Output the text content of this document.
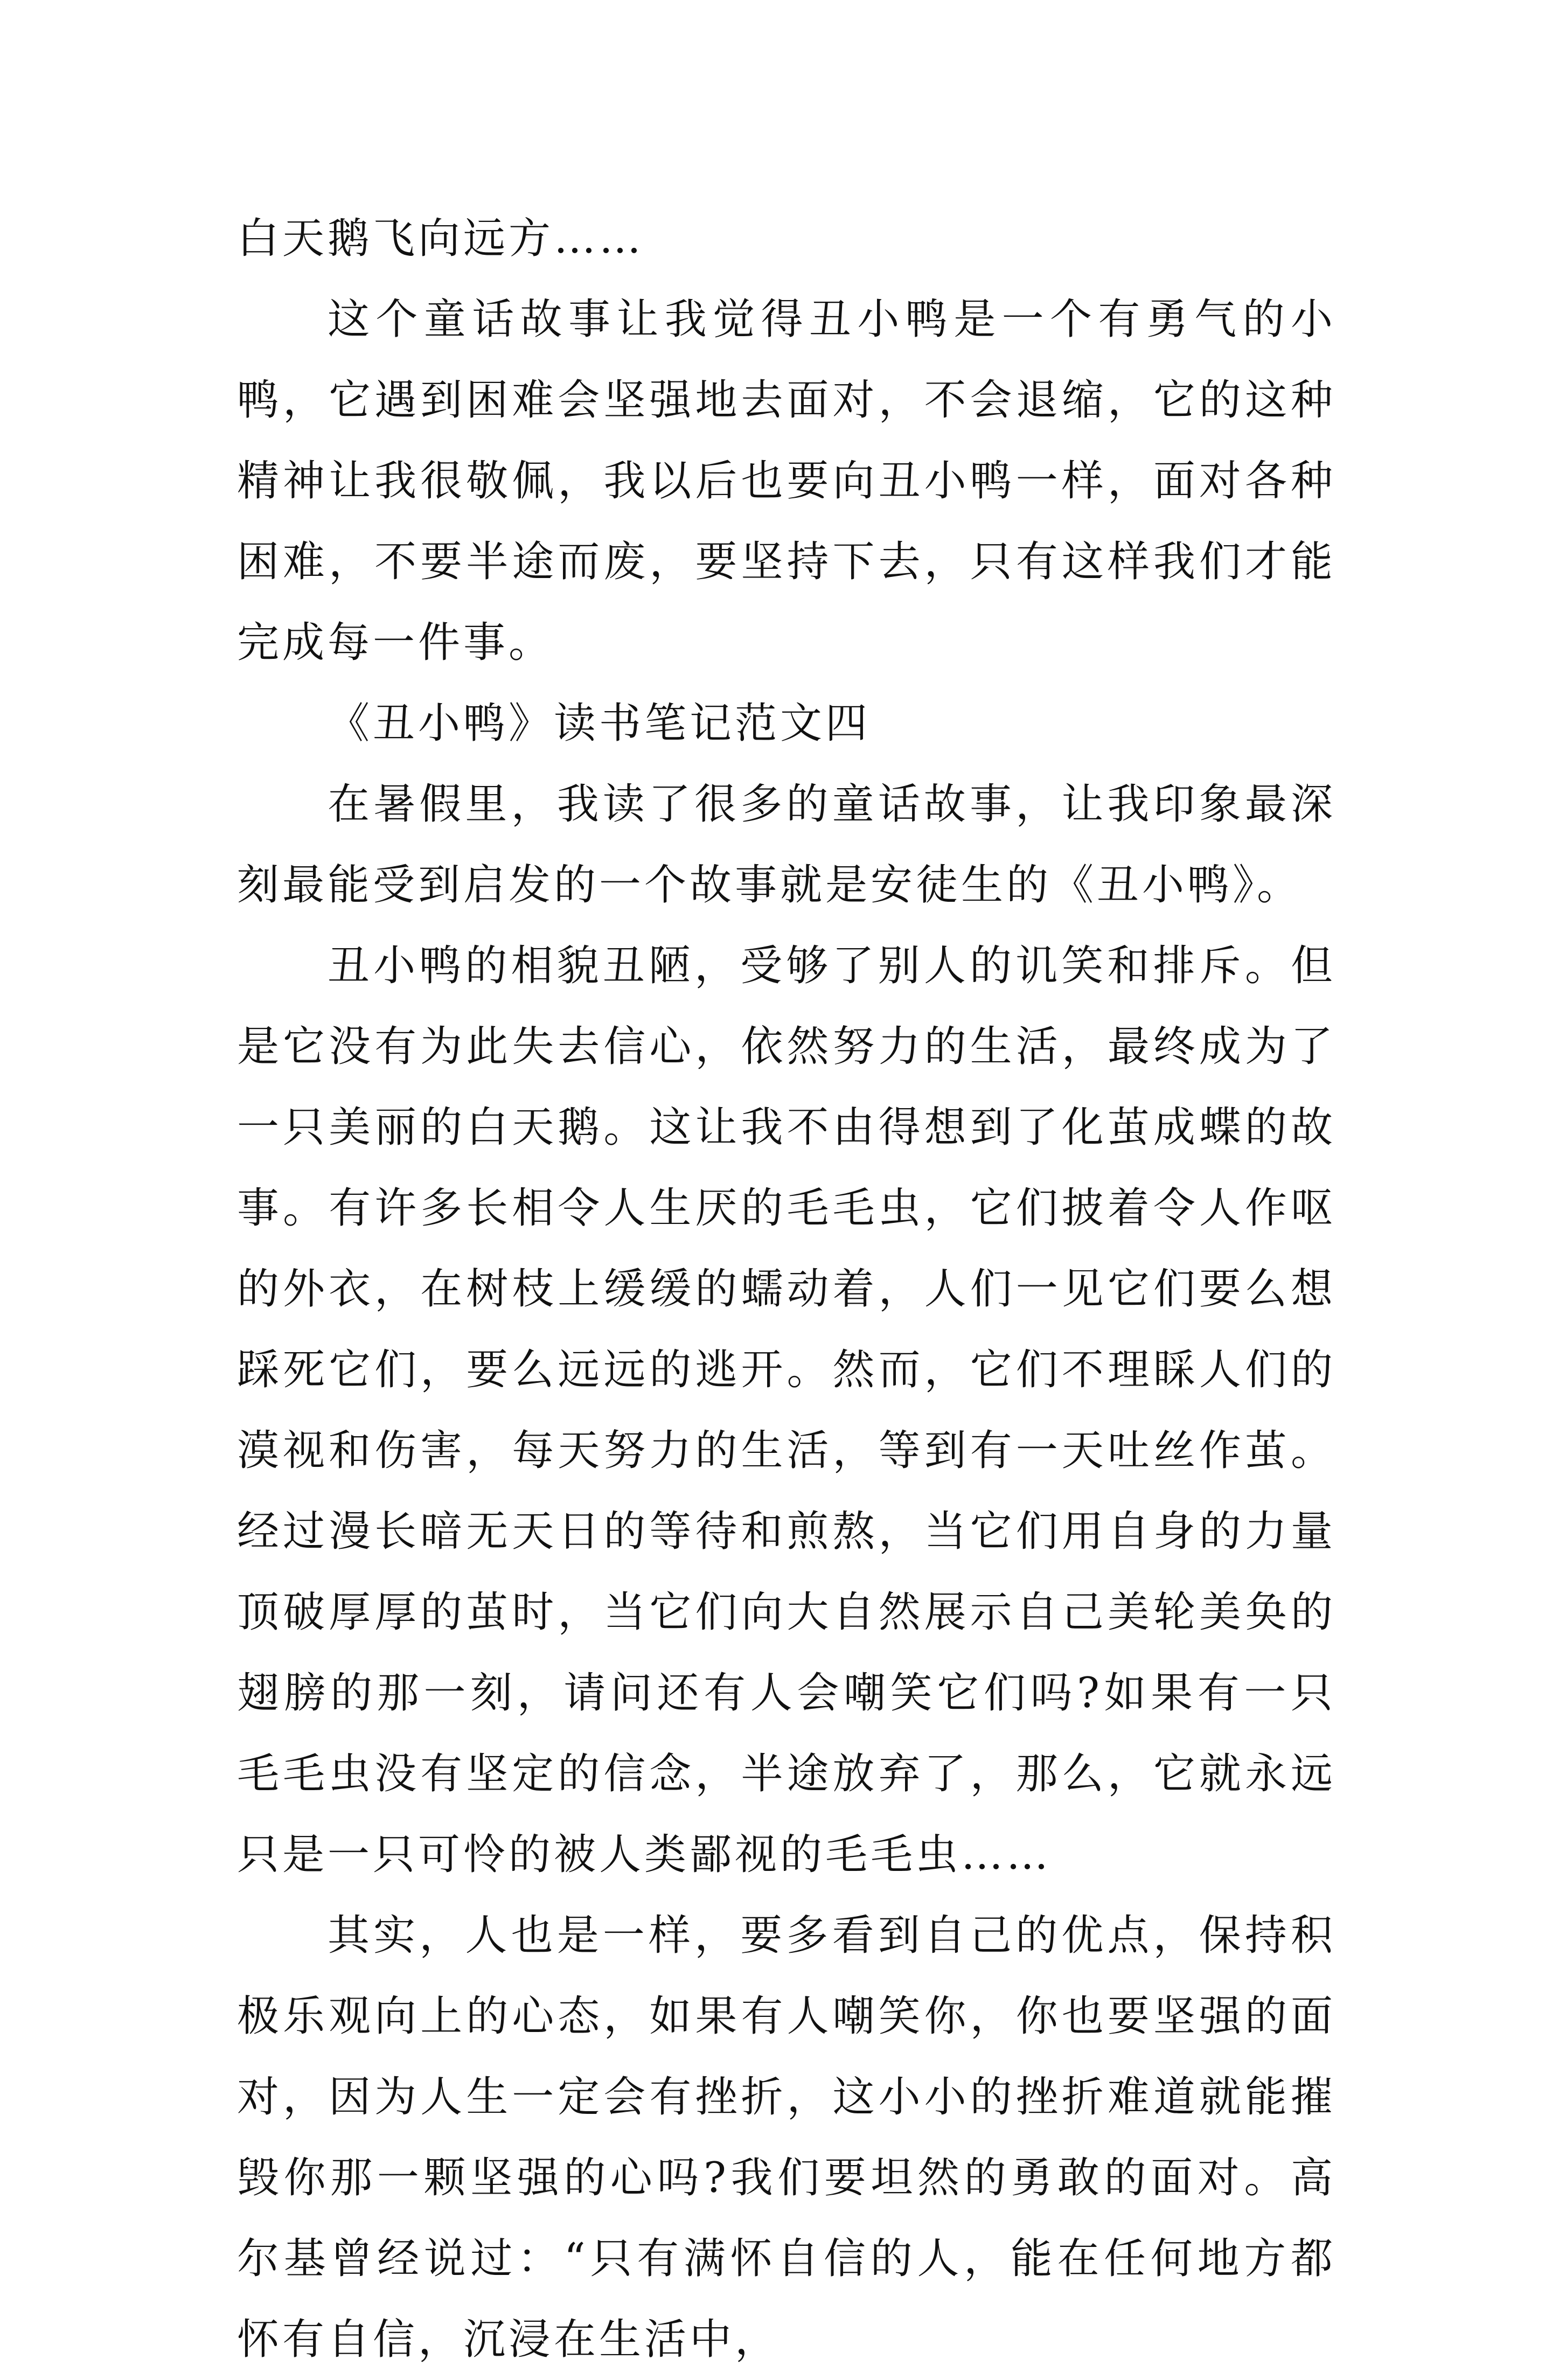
白天鹅飞向远方……

这个童话故事让我觉得丑小鸭是一个有勇气的小鸭，它遇到困难会坚强地去面对，不会退缩，它的这种精神让我很敬佩，我以后也要向丑小鸭一样，面对各种困难，不要半途而废，要坚持下去，只有这样我们才能完成每一件事。

《丑小鸭》读书笔记范文四

在暑假里，我读了很多的童话故事，让我印象最深刻最能受到启发的一个故事就是安徒生的《丑小鸭》。

丑小鸭的相貌丑陋，受够了别人的讥笑和排斥。但是它没有为此失去信心，依然努力的生活，最终成为了一只美丽的白天鹅。这让我不由得想到了化茧成蝶的故事。有许多长相令人生厌的毛毛虫，它们披着令人作呕的外衣，在树枝上缓缓的蠕动着，人们一见它们要么想踩死它们，要么远远的逃开。然而，它们不理睬人们的漠视和伤害，每天努力的生活，等到有一天吐丝作茧。经过漫长暗无天日的等待和煎熬，当它们用自身的力量顶破厚厚的茧时，当它们向大自然展示自己美轮美奂的翅膀的那一刻，请问还有人会嘲笑它们吗?如果有一只毛毛虫没有坚定的信念，半途放弃了，那么，它就永远只是一只可怜的被人类鄙视的毛毛虫……

其实，人也是一样，要多看到自己的优点，保持积极乐观向上的心态，如果有人嘲笑你，你也要坚强的面对，因为人生一定会有挫折，这小小的挫折难道就能摧毁你那一颗坚强的心吗?我们要坦然的勇敢的面对。高尔基曾经说过：“只有满怀自信的人，能在任何地方都怀有自信，沉浸在生活中，
